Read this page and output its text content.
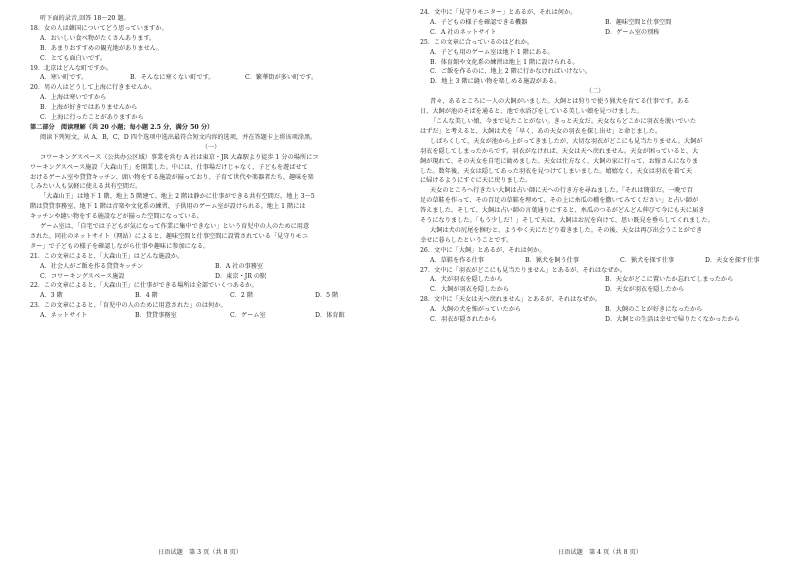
听下面的录音,回答 18～20 题。
18．女の人は韓国についてどう思っていますか。
A．おいしい食べ物がたくさんあります。
B．あまりおすすめの観光地がありません。
C．とても面白いです。
19．北京はどんな町ですか。
A．寒い町です。	B．そんなに寒くない町です。	C．繁華街が多い町です。
20．男の人はどうして上海に行きませんか。
A．上海は寒いですから
B．上海が好きではありませんから
C．上海に行ったことがありますから
第二部分　阅读理解（共 20 小题；每小题 2.5 分，满分 50 分）
阅读下列短文，从 A，B，C，D 四个选项中选出最符合短文内容的选项，并在答题卡上将该项涂黑。
（一）
コワーキングスペース（公共办公区域）事業を営む A 社は東京・JR 大森駅より徒歩 1 分の場所にコ
ワーキングスペース施設「大森山王」を開業した。中には、仕事場だけじゃなく、子どもを遊ばせて
おけるゲーム室や貸貸キッチン、頭い物をする施設が揃っており、子育て世代や楽器者たち、趣味を楽
しみたい人も気軽に使える共有空間だ。
「大森山王」は地下 1 階、地上 5 階建て。地上 2 階は静かに仕事ができる共有空間だ。地上 3～5
階は貸貸事務室、地下 1 階は音楽や文化系の練習、子供用のゲーム室が設けられる。地上 1 階には
キッチンや縫い物をする施設などが揃った空間になっている。
ゲーム室は、「自宅では子どもが気になって作業に集中できない」という育児中の人のために用意
された。同社のネットサイト（网站）によると、趣味空間と仕事空間に設置されている「見守りモニ
ター」で子どもの様子を確認しながら仕事や趣味に参加になる。
21．この文章によると、「大森山王」はどんな施設か。
A．社会人がご飯を作る貸貸キッチン	B．A 社の事務室
C．コワーキングスペース施設	D．東京・JR の駅
22．この文章によると、「大森山王」に仕事ができる場所は全部でいくつあるか。
A．3 階	B．4 階	C．2 階	D．5 階
23．この文章によると、「育児中の人のために用意された」のは何か。
A．ネットサイト	B．貸貸事務室	C．ゲーム室	D．体育館
日语试题　第 3 页（共 8 页）
24．文中に「見守りモニター」とあるが、それは何か。
A．子どもの様子を確認できる機器	B．趣味空間と仕事空間
C．A 社のネットサイト	D．ゲーム室の別称
25．この文章に合っているのはどれか。
A．子ども用のゲーム室は地下 1 階にある。
B．体育館や文化系の練習は地上 1 階に設けられる。
C．ご飯を作るのに、地上 2 階に行かなければいけない。
D．地上 3 階に縫い物を楽しめる施設がある。
（二）
昔々、あるところに一人の大飼がいました。大飼とは狩りで使う猟犬を育てる仕事です。ある
日、大飼が池のそばを通ると、池で水浴びをしている美しい娘を見つけました。
「こんな美しい娘、今まで見たことがない。きっと天女だ。天女ならどこかに羽衣を脱いでいた
はずだ」と考えると、大飼は犬を「早く、あの天女の羽衣を探し出せ」と命じました。
しばらくして、天女が池から上がってきましたが、大切な羽衣がどこにも見当たりません。大飼が
羽衣を隠してしまったからです。羽衣がなければ、天女は天へ戻れません。天女が困っていると、大
飼が現れて、その天女を自宅に勧めました。天女は仕方なく、大飼の家に行って、お嫁さんになりま
した。数年後、天女は隠してあった羽衣を見つけてしまいました。嬉嬉なく、天女は羽衣を着て天
に帰けるようにすぐに天に戻りました。
天女のところへ行きたい大飼は占い師に天への行き方を尋ねました。「それは簡単だ。一晩で百
足の草鞋を作って、その百足の草鞋を埋めて、その上に糸瓜の種を撒いてみてください」と占い師が
答えました。そして、大飼は占い師の言葉通りにすると、糸瓜のつるがどんどん伸びて今にも天に届き
そうになりました。「もう少しだ！」そして天は、大飼はお尻を向けて、思い既見を垂らしてくれました。
大飼は犬の尻尾を掴むと、ようやく天にたどり着きました。その後、天女は再び出会うことができ
幸せに暮らしたということです。
26．文中に「大飼」とあるが、それは何か。
A．草鞋を作る仕事	B．猟犬を飼う仕事	C．猟犬を探す仕事	D．天女を探す仕事
27．文中に「羽衣がどこにも見当たりません」とあるが、それはなぜか。
A．犬が羽衣を隠したから	B．天女がどこに置いたか忘れてしまったから
C．大飼が羽衣を隠したから	D．天女が羽衣を隠したから
28．文中に「天女は天へ戻れません」とあるが、それはなぜか。
A．大飼の犬を怖がっていたから	B．大飼のことが好きになったから
C．羽衣が隠されたから	D．大飼との生活は幸せで帰りたくなかったから
日语试题　第 4 页（共 8 页）
